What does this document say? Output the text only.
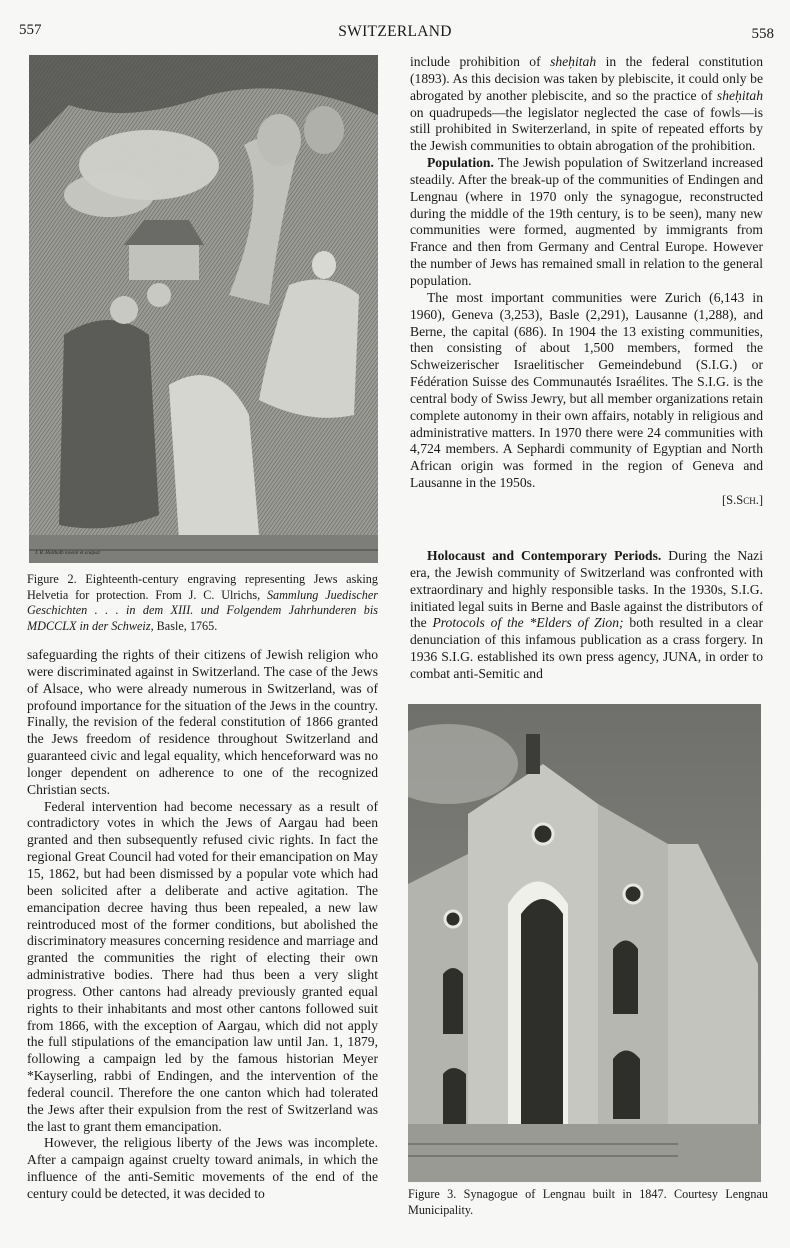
557	SWITZERLAND	558
J. R. Holzhalb invenit et sculpsit
Figure 2. Eighteenth-century engraving representing Jews asking Helvetia for protection. From J. C. Ulrichs, Sammlung Juedischer Geschichten . . . in dem XIII. und Folgendem Jahrhunderen bis MDCCLX in der Schweiz, Basle, 1765.

safeguarding the rights of their citizens of Jewish religion who were discriminated against in Switzerland. The case of the Jews of Alsace, who were already numerous in Switzerland, was of profound importance for the situation of the Jews in the country. Finally, the revision of the federal constitution of 1866 granted the Jews freedom of residence throughout Switzerland and guaranteed civic and legal equality, which henceforward was no longer dependent on adherence to one of the recognized Christian sects.

Federal intervention had become necessary as a result of contradictory votes in which the Jews of Aargau had been granted and then subsequently refused civic rights. In fact the regional Great Council had voted for their emancipation on May 15, 1862, but had been dismissed by a popular vote which had been solicited after a deliberate and active agitation. The emancipation decree having thus been repealed, a new law reintroduced most of the former conditions, but abolished the discriminatory measures concerning residence and marriage and granted the communities the right of electing their own administrative bodies. There had thus been a very slight progress. Other cantons had already previously granted equal rights to their inhabitants and most other cantons followed suit from 1866, with the exception of Aargau, which did not apply the full stipulations of the emancipation law until Jan. 1, 1879, following a campaign led by the famous historian Meyer *Kayserling, rabbi of Endingen, and the intervention of the federal council. Therefore the one canton which had tolerated the Jews after their expulsion from the rest of Switzerland was the last to grant them emancipation.

However, the religious liberty of the Jews was incomplete. After a campaign against cruelty toward animals, in which the influence of the anti-Semitic movements of the end of the century could be detected, it was decided to

include prohibition of sheḥitah in the federal constitution (1893). As this decision was taken by plebiscite, it could only be abrogated by another plebiscite, and so the practice of sheḥitah on quadrupeds—the legislator neglected the case of fowls—is still prohibited in Switerzerland, in spite of repeated efforts by the Jewish communities to obtain abrogation of the prohibition.

Population. The Jewish population of Switzerland increased steadily. After the break-up of the communities of Endingen and Lengnau (where in 1970 only the synagogue, reconstructed during the middle of the 19th century, is to be seen), many new communities were formed, augmented by immigrants from France and then from Germany and Central Europe. However the number of Jews has remained small in relation to the general population.

The most important communities were Zurich (6,143 in 1960), Geneva (3,253), Basle (2,291), Lausanne (1,288), and Berne, the capital (686). In 1904 the 13 existing communities, then consisting of about 1,500 members, formed the Schweizerischer Israelitischer Gemeindebund (S.I.G.) or Fédération Suisse des Communautés Israélites. The S.I.G. is the central body of Swiss Jewry, but all member organizations retain complete autonomy in their own affairs, notably in religious and administrative matters. In 1970 there were 24 communities with 4,724 members. A Sephardi community of Egyptian and North African origin was formed in the region of Geneva and Lausanne in the 1950s.

[S.Sch.]

Holocaust and Contemporary Periods. During the Nazi era, the Jewish community of Switzerland was confronted with extraordinary and highly responsible tasks. In the 1930s, S.I.G. initiated legal suits in Berne and Basle against the distributors of the Protocols of the *Elders of Zion; both resulted in a clear denunciation of this infamous publication as a crass forgery. In 1936 S.I.G. established its own press agency, JUNA, in order to combat anti-Semitic and

Figure 3. Synagogue of Lengnau built in 1847. Courtesy Lengnau Municipality.
